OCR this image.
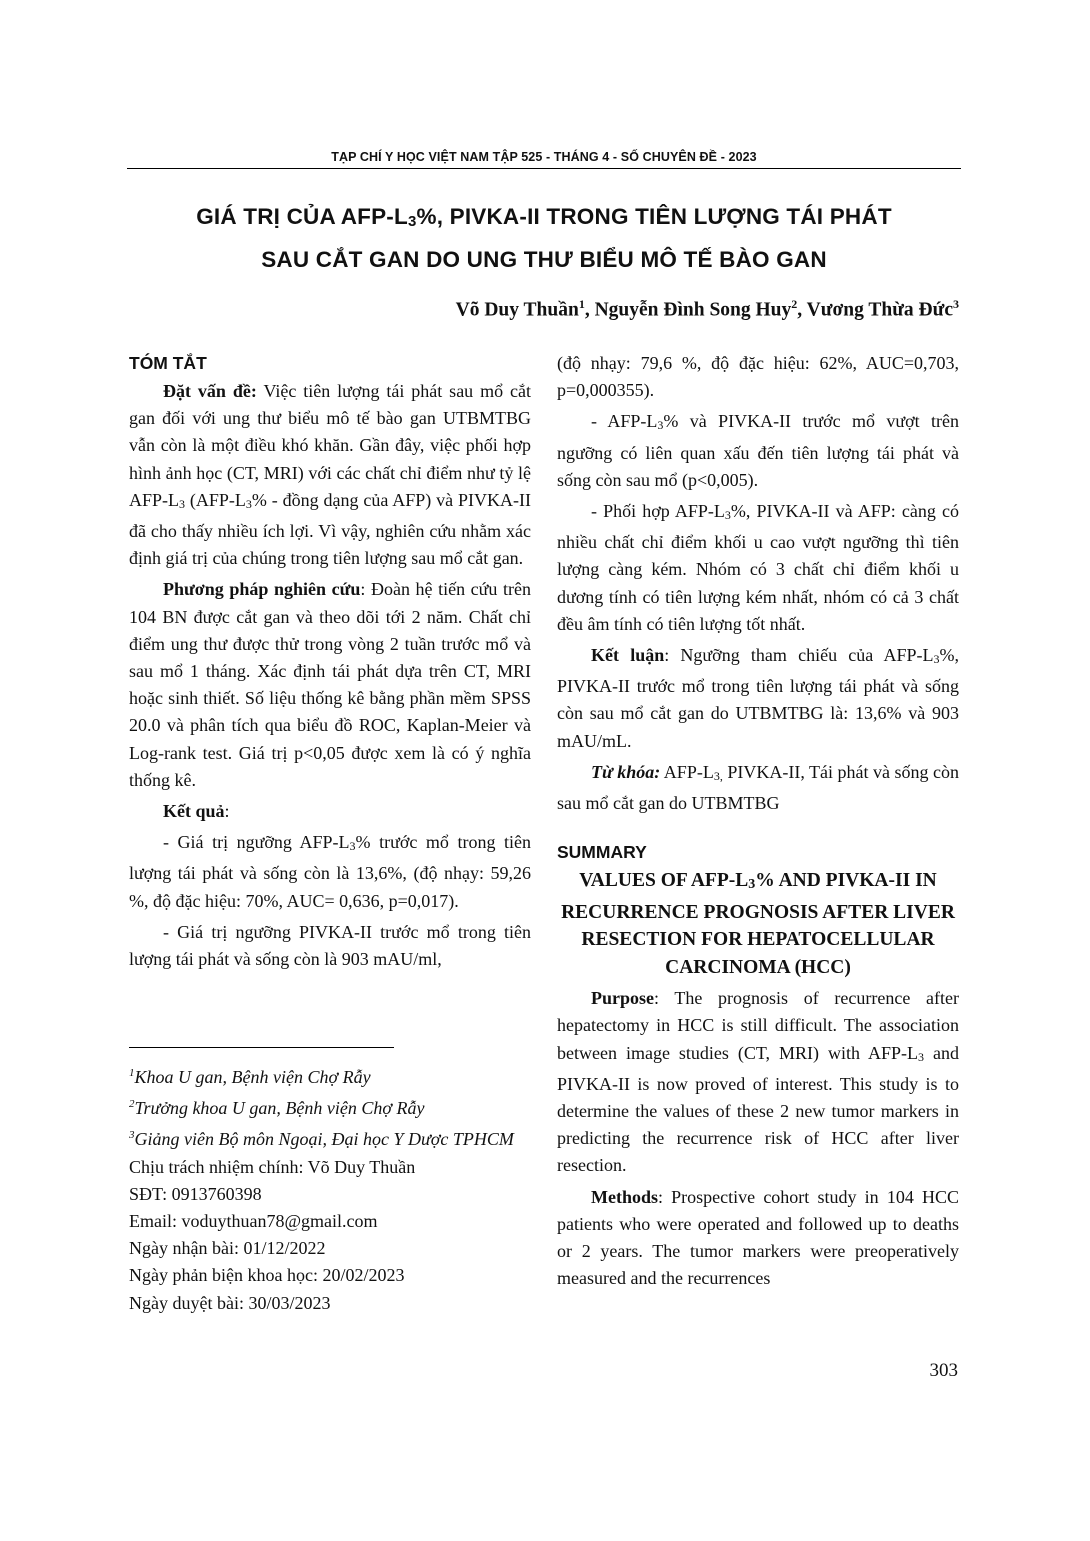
TẠP CHÍ Y HỌC VIỆT NAM TẬP 525 - THÁNG 4 - SỐ CHUYÊN ĐỀ - 2023
GIÁ TRỊ CỦA AFP-L3%, PIVKA-II TRONG TIÊN LƯỢNG TÁI PHÁT
SAU CẮT GAN DO UNG THƯ BIỂU MÔ TẾ BÀO GAN
Võ Duy Thuần$^1$, Nguyễn Đình Song Huy$^2$, Vương Thừa Đức$^3$
TÓM TẮT

Đặt vấn đề: Việc tiên lượng tái phát sau mổ cắt gan đối với ung thư biểu mô tế bào gan UTBMTBG vẫn còn là một điều khó khăn. Gần đây, việc phối hợp hình ảnh học (CT, MRI) với các chất chỉ điểm như tỷ lệ AFP-L3 (AFP-L3% - đồng dạng của AFP) và PIVKA-II đã cho thấy nhiều ích lợi. Vì vậy, nghiên cứu nhằm xác định giá trị của chúng trong tiên lượng sau mổ cắt gan.

Phương pháp nghiên cứu: Đoàn hệ tiến cứu trên 104 BN được cắt gan và theo dõi tới 2 năm. Chất chỉ điểm ung thư được thử trong vòng 2 tuần trước mổ và sau mổ 1 tháng. Xác định tái phát dựa trên CT, MRI hoặc sinh thiết. Số liệu thống kê bằng phần mềm SPSS 20.0 và phân tích qua biểu đồ ROC, Kaplan-Meier và Log-rank test. Giá trị p<0,05 được xem là có ý nghĩa thống kê.

Kết quả:

- Giá trị ngưỡng AFP-L3% trước mổ trong tiên lượng tái phát và sống còn là 13,6%, (độ nhạy: 59,26 %, độ đặc hiệu: 70%, AUC= 0,636, p=0,017).

- Giá trị ngưỡng PIVKA-II trước mổ trong tiên lượng tái phát và sống còn là 903 mAU/ml,

(độ nhạy: 79,6 %, độ đặc hiệu: 62%, AUC=0,703, p=0,000355).

- AFP-L3% và PIVKA-II trước mổ vượt trên ngưỡng có liên quan xấu đến tiên lượng tái phát và sống còn sau mổ (p<0,005).

- Phối hợp AFP-L3%, PIVKA-II và AFP: càng có nhiều chất chỉ điểm khối u cao vượt ngưỡng thì tiên lượng càng kém. Nhóm có 3 chất chỉ điểm khối u dương tính có tiên lượng kém nhất, nhóm có cả 3 chất đều âm tính có tiên lượng tốt nhất.

Kết luận: Ngưỡng tham chiếu của AFP-L3%, PIVKA-II trước mổ trong tiên lượng tái phát và sống còn sau mổ cắt gan do UTBMTBG là: 13,6% và 903 mAU/mL.

Từ khóa: AFP-L3, PIVKA-II, Tái phát và sống còn sau mổ cắt gan do UTBMTBG

SUMMARY
VALUES OF AFP-L3% AND PIVKA-II IN RECURRENCE PROGNOSIS AFTER LIVER RESECTION FOR HEPATOCELLULAR CARCINOMA (HCC)

Purpose: The prognosis of recurrence after hepatectomy in HCC is still difficult. The association between image studies (CT, MRI) with AFP-L3 and PIVKA-II is now proved of interest. This study is to determine the values of these 2 new tumor markers in predicting the recurrence risk of HCC after liver resection.

Methods: Prospective cohort study in 104 HCC patients who were operated and followed up to deaths or 2 years. The tumor markers were preoperatively measured and the recurrences

$^1$Khoa U gan, Bệnh viện Chợ Rẫy
$^2$Trưởng khoa U gan, Bệnh viện Chợ Rẫy
$^3$Giảng viên Bộ môn Ngoại, Đại học Y Dược TPHCM
Chịu trách nhiệm chính: Võ Duy Thuần
SĐT: 0913760398
Email: voduythuan78@gmail.com
Ngày nhận bài: 01/12/2022
Ngày phản biện khoa học: 20/02/2023
Ngày duyệt bài: 30/03/2023
303
